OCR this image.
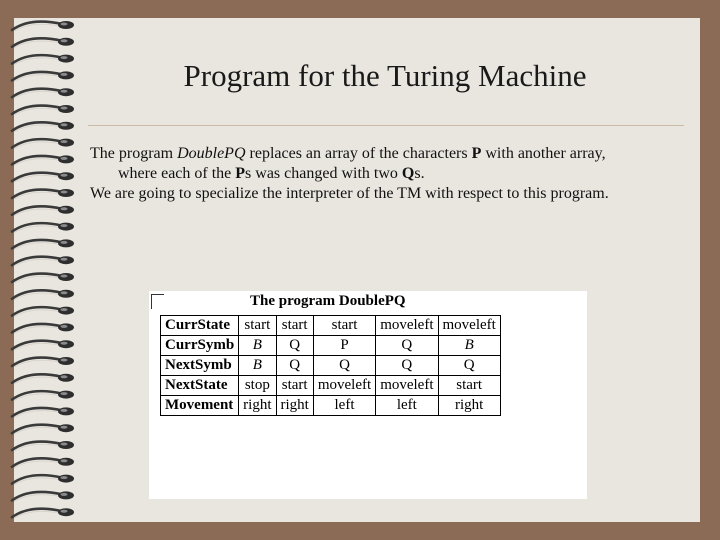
Program for the Turing Machine

The program DoublePQ replaces an array of the characters P with another array,

where each of the Ps was changed with two Qs.

We are going to specialize the interpreter of the TM with respect to this program.

The program DoublePQ
CurrState	start	start	start	moveleft	moveleft
CurrSymb	B	Q	P	Q	B
NextSymb	B	Q	Q	Q	Q
NextState	stop	start	moveleft	moveleft	start
Movement	right	right	left	left	right
